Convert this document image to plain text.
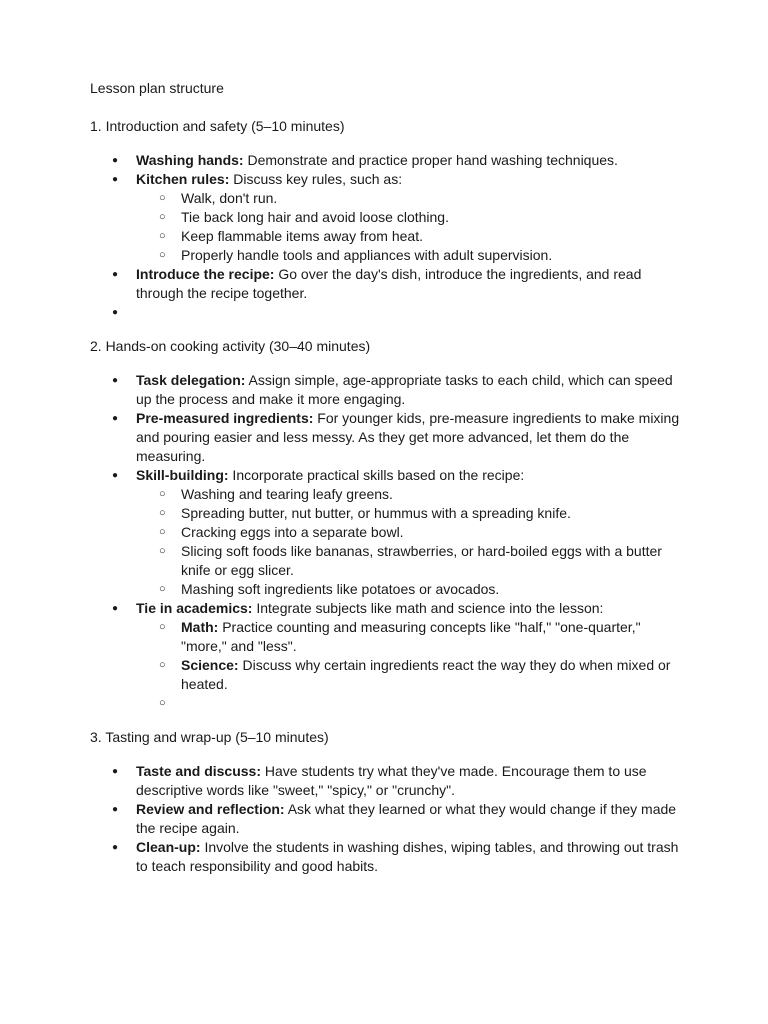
Lesson plan structure

1. Introduction and safety (5–10 minutes)

● Washing hands: Demonstrate and practice proper hand washing techniques.
● Kitchen rules: Discuss key rules, such as:
○ Walk, don't run.
○ Tie back long hair and avoid loose clothing.
○ Keep flammable items away from heat.
○ Properly handle tools and appliances with adult supervision.
● Introduce the recipe: Go over the day's dish, introduce the ingredients, and read through the recipe together.
●

2. Hands-on cooking activity (30–40 minutes)

● Task delegation: Assign simple, age-appropriate tasks to each child, which can speed up the process and make it more engaging.
● Pre-measured ingredients: For younger kids, pre-measure ingredients to make mixing and pouring easier and less messy. As they get more advanced, let them do the measuring.
● Skill-building: Incorporate practical skills based on the recipe:
○ Washing and tearing leafy greens.
○ Spreading butter, nut butter, or hummus with a spreading knife.
○ Cracking eggs into a separate bowl.
○ Slicing soft foods like bananas, strawberries, or hard-boiled eggs with a butter knife or egg slicer.
○ Mashing soft ingredients like potatoes or avocados.
● Tie in academics: Integrate subjects like math and science into the lesson:
○ Math: Practice counting and measuring concepts like "half," "one-quarter," "more," and "less".
○ Science: Discuss why certain ingredients react the way they do when mixed or heated.
○

3. Tasting and wrap-up (5–10 minutes)

● Taste and discuss: Have students try what they've made. Encourage them to use descriptive words like "sweet," "spicy," or "crunchy".
● Review and reflection: Ask what they learned or what they would change if they made the recipe again.
● Clean-up: Involve the students in washing dishes, wiping tables, and throwing out trash to teach responsibility and good habits.
